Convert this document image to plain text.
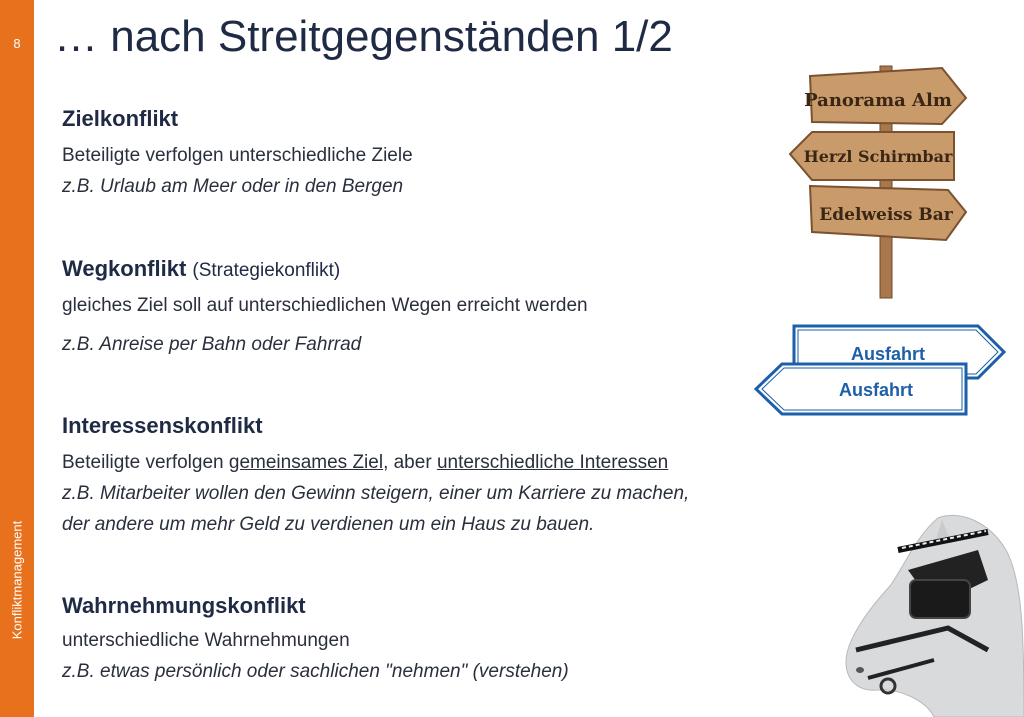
8
Konfliktmanagement
… nach Streitgegenständen 1/2
Zielkonflikt
Beteiligte verfolgen unterschiedliche Ziele
z.B. Urlaub am Meer oder in den Bergen
Wegkonflikt (Strategiekonflikt)
gleiches Ziel soll auf unterschiedlichen Wegen erreicht werden
z.B. Anreise per Bahn oder Fahrrad
Interessenskonflikt
Beteiligte verfolgen gemeinsames Ziel, aber unterschiedliche Interessen
z.B. Mitarbeiter wollen den Gewinn steigern, einer um Karriere zu machen,
der andere um mehr Geld zu verdienen um ein Haus zu bauen.
Wahrnehmungskonflikt
unterschiedliche Wahrnehmungen
z.B. etwas persönlich oder sachlichen "nehmen" (verstehen)
Panorama Alm
Herzl Schirmbar
Edelweiss Bar
Ausfahrt
Ausfahrt
